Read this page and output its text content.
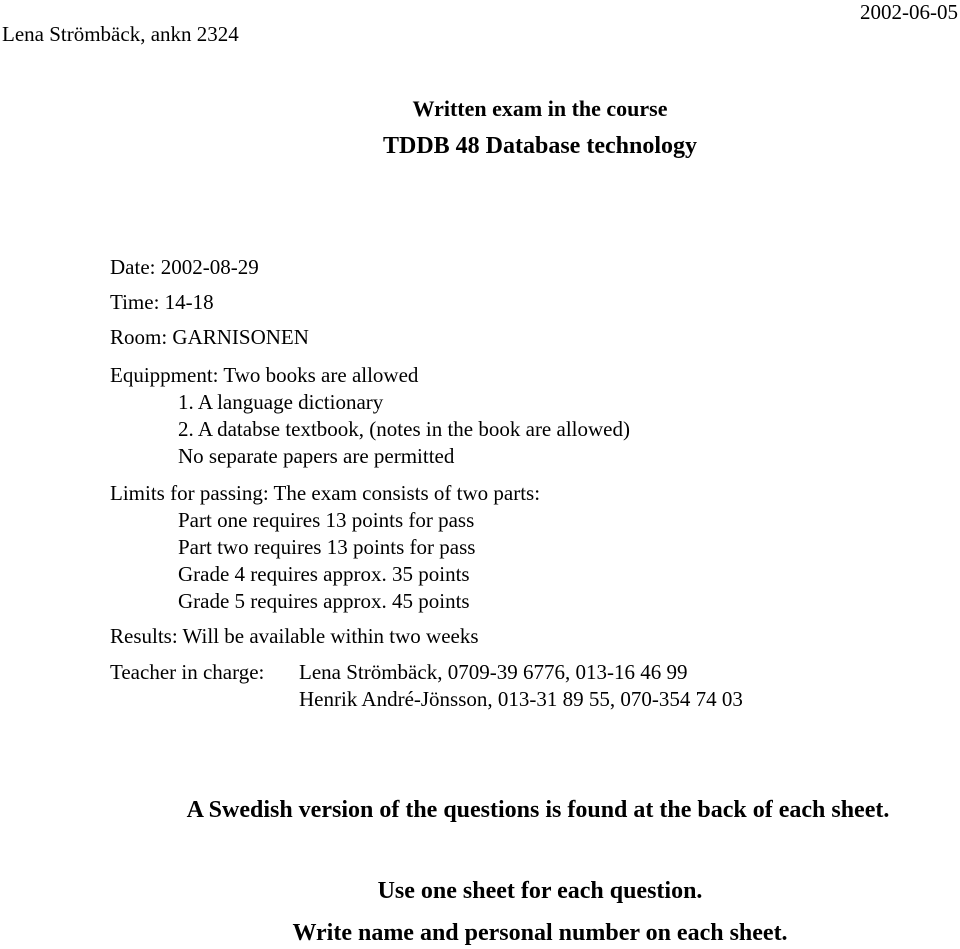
Lena Strömbäck, ankn 2324
2002-06-05
Written exam in the course
TDDB 48 Database technology
Date: 2002-08-29
Time: 14-18
Room: GARNISONEN
Equippment: Two books are allowed
1. A language dictionary
2. A databse textbook, (notes in the book are allowed)
No separate papers are permitted
Limits for passing: The exam consists of two parts:
Part one requires 13 points for pass
Part two requires 13 points for pass
Grade 4 requires approx. 35 points
Grade 5 requires approx. 45 points
Results: Will be available within two weeks
Teacher in charge: Lena Strömbäck, 0709-39 6776, 013-16 46 99
Henrik André-Jönsson, 013-31 89 55, 070-354 74 03
A Swedish version of the questions is found at the back of each sheet.
Use one sheet for each question.
Write name and personal number on each sheet.
